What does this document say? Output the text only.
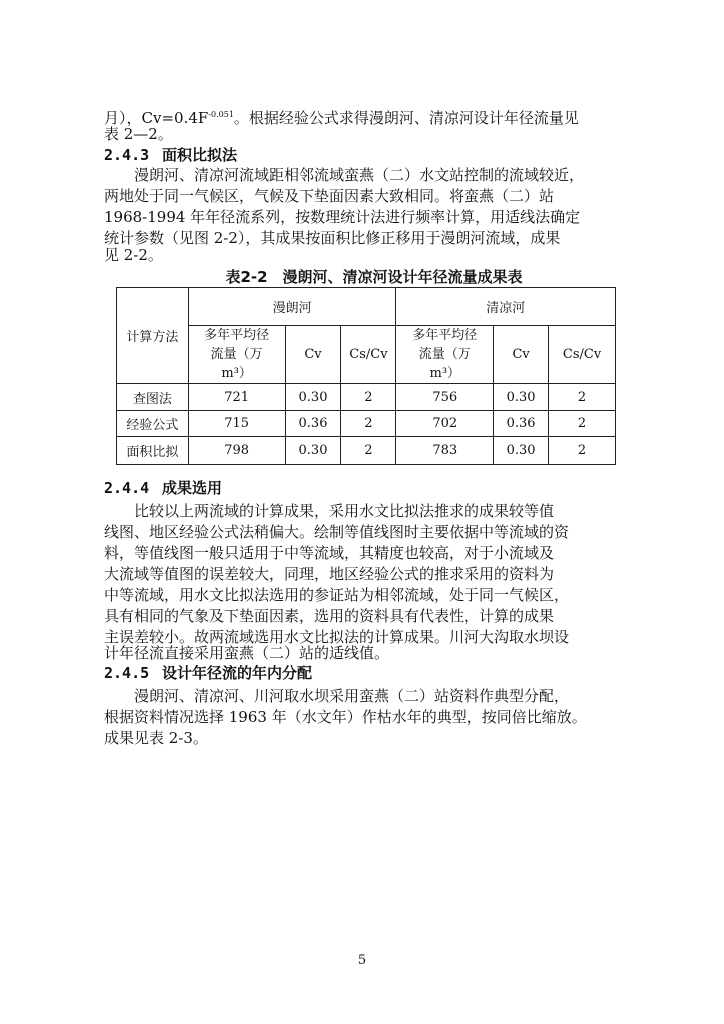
月），$Cv=0.4F^{-0.051}$。根据经验公式求得漫朗河、清凉河设计年径流量见

表 2—2。

2.4.3 面积比拟法

　　漫朗河、清凉河流域距相邻流域蛮燕（二）水文站控制的流域较近，

两地处于同一气候区，气候及下垫面因素大致相同。将蛮燕（二）站

1968-1994 年年径流系列，按数理统计法进行频率计算，用适线法确定

统计参数（见图 2-2），其成果按面积比修正移用于漫朗河流域，成果

见 2-2。

表2-2　漫朗河、清凉河设计年径流量成果表

计算方法	漫朗河			清凉河		
	多年平均径
流量（万
m³）	Cv	Cs/Cv	多年平均径
流量（万
m³）	Cv	Cs/Cv
查图法	721	0.30	2	756	0.30	2
经验公式	715	0.36	2	702	0.36	2
面积比拟	798	0.30	2	783	0.30	2

2.4.4 成果选用

　　比较以上两流域的计算成果，采用水文比拟法推求的成果较等值

线图、地区经验公式法稍偏大。绘制等值线图时主要依据中等流域的资

料，等值线图一般只适用于中等流域，其精度也较高，对于小流域及

大流域等值图的误差较大，同理，地区经验公式的推求采用的资料为

中等流域，用水文比拟法选用的参证站为相邻流域，处于同一气候区，

具有相同的气象及下垫面因素，选用的资料具有代表性，计算的成果

主误差较小。故两流域选用水文比拟法的计算成果。川河大沟取水坝设

计年径流直接采用蛮燕（二）站的适线值。

2.4.5 设计年径流的年内分配

　　漫朗河、清凉河、川河取水坝采用蛮燕（二）站资料作典型分配，

根据资料情况选择 1963 年（水文年）作枯水年的典型，按同倍比缩放。

成果见表 2-3。

5
